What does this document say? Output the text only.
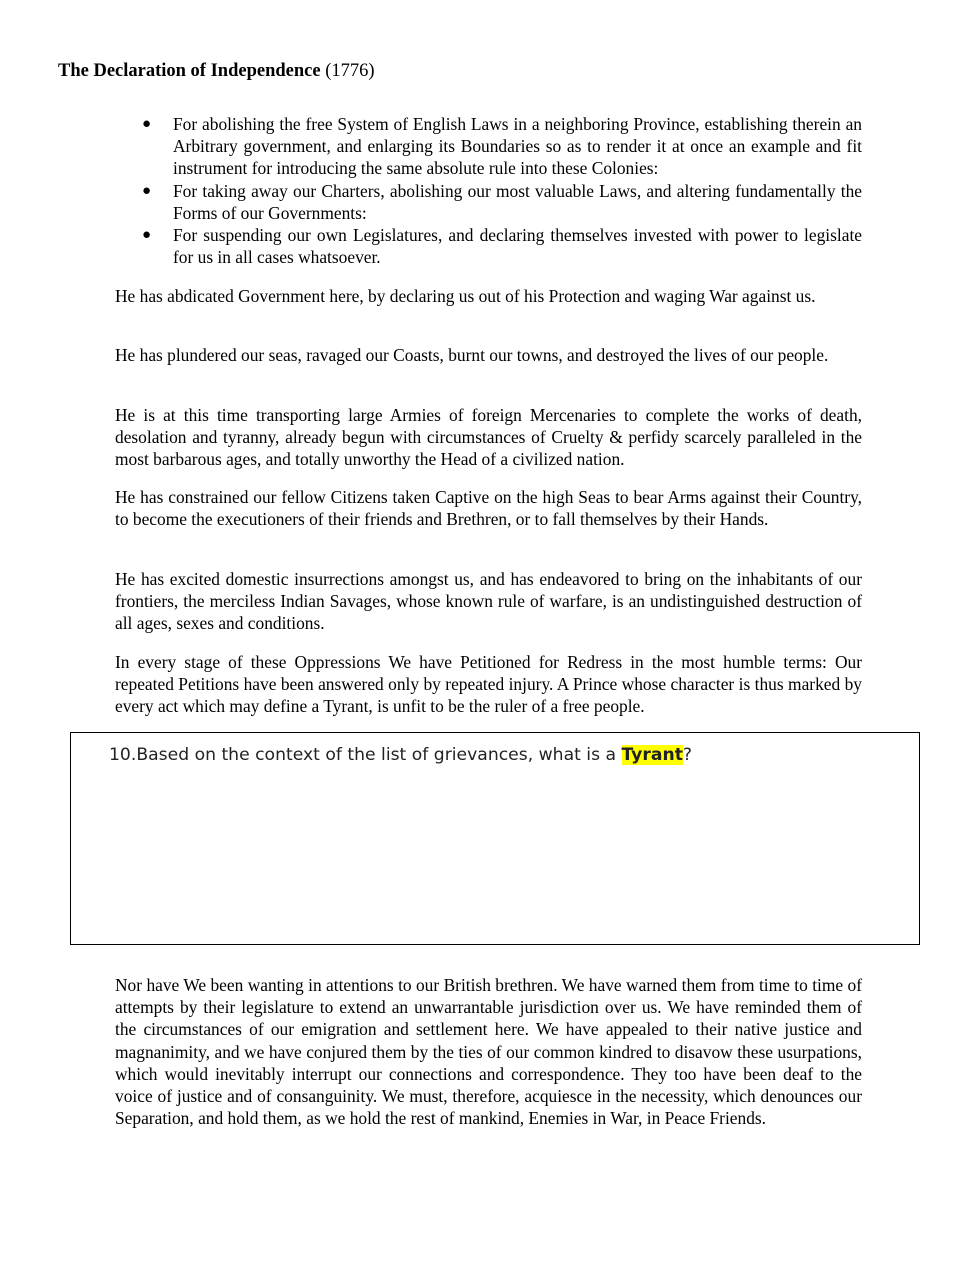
The Declaration of Independence (1776)
● For abolishing the free System of English Laws in a neighboring Province, establishing therein an Arbitrary government, and enlarging its Boundaries so as to render it at once an example and fit instrument for introducing the same absolute rule into these Colonies:
● For taking away our Charters, abolishing our most valuable Laws, and altering fundamentally the Forms of our Governments:
● For suspending our own Legislatures, and declaring themselves invested with power to legislate for us in all cases whatsoever.

He has abdicated Government here, by declaring us out of his Protection and waging War against us.

He has plundered our seas, ravaged our Coasts, burnt our towns, and destroyed the lives of our people.

He is at this time transporting large Armies of foreign Mercenaries to complete the works of death, desolation and tyranny, already begun with circumstances of Cruelty & perfidy scarcely paralleled in the most barbarous ages, and totally unworthy the Head of a civilized nation.

He has constrained our fellow Citizens taken Captive on the high Seas to bear Arms against their Country, to become the executioners of their friends and Brethren, or to fall themselves by their Hands.

He has excited domestic insurrections amongst us, and has endeavored to bring on the inhabitants of our frontiers, the merciless Indian Savages, whose known rule of warfare, is an undistinguished destruction of all ages, sexes and conditions.

In every stage of these Oppressions We have Petitioned for Redress in the most humble terms: Our repeated Petitions have been answered only by repeated injury. A Prince whose character is thus marked by every act which may define a Tyrant, is unfit to be the ruler of a free people.

10.Based on the context of the list of grievances, what is a Tyrant?

Nor have We been wanting in attentions to our British brethren. We have warned them from time to time of attempts by their legislature to extend an unwarrantable jurisdiction over us. We have reminded them of the circumstances of our emigration and settlement here. We have appealed to their native justice and magnanimity, and we have conjured them by the ties of our common kindred to disavow these usurpations, which would inevitably interrupt our connections and correspondence. They too have been deaf to the voice of justice and of consanguinity. We must, therefore, acquiesce in the necessity, which denounces our Separation, and hold them, as we hold the rest of mankind, Enemies in War, in Peace Friends.
